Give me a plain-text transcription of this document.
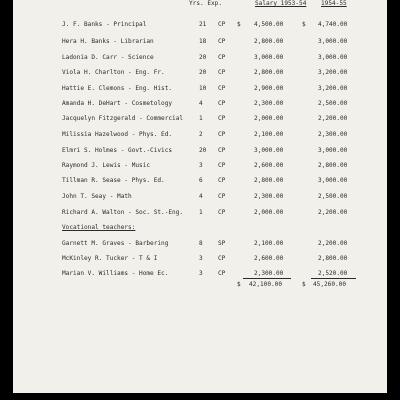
Yrs. Exp.	Salary 1953-54 1954-55
J. F. Banks - Principal	21 CP $ 4,500.00	$ 4,740.00
Hera H. Banks - Librarian	18 CP	2,800.00	3,000.00
Ladonia D. Carr - Science	20 CP	3,000.00	3,000.00
Viola H. Charlton - Eng. Fr.	20 CP	2,800.00	3,200.00
Hattie E. Clemons - Eng. Hist.	10 CP	2,900.00	3,200.00
Amanda H. DeHart - Cosmetology	4	CP	2,300.00	2,500.00
Jacquelyn Fitzgerald - Commercial	1	CP	2,000.00	2,200.00
Milissia Hazelwood - Phys. Ed.	2	CP	2,100.00	2,300.00
Elmri S. Holmes - Govt.-Civics	20 CP	3,000.00	3,000.00
Raymond J. Lewis - Music	3	CP	2,600.00	2,800.00
Tillman R. Sease - Phys. Ed.	6	CP	2,800.00	3,000.00
John T. Seay - Math	4	CP	2,300.00	2,500.00
Richard A. Walton - Soc. St.-Eng.	1	CP	2,000.00	2,200.00
Vocational teachers:
Garnett M. Graves - Barbering	8	SP	2,100.00	2,200.00
McKinley R. Tucker - T & I	3	CP	2,600.00	2,800.00
Marian V. Williams - Home Ec.	3	CP	2,300.00	2,520.00
$ 42,100.00	$ 45,260.00
